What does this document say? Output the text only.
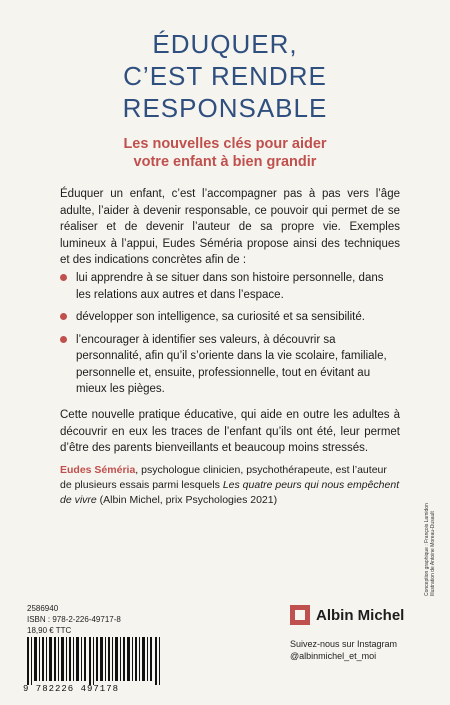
ÉDUQUER,
C’EST RENDRE
RESPONSABLE
Les nouvelles clés pour aider
votre enfant à bien grandir
Éduquer un enfant, c’est l’accompagner pas à pas vers l’âge adulte, l’aider à devenir responsable, ce pouvoir qui permet de se réaliser et de devenir l’auteur de sa propre vie. Exemples lumineux à l’appui, Eudes Séméria propose ainsi des techniques et des indications concrètes afin de :
lui apprendre à se situer dans son histoire personnelle, dans les relations aux autres et dans l’espace.
développer son intelligence, sa curiosité et sa sensibilité.
l’encourager à identifier ses valeurs, à découvrir sa personnalité, afin qu’il s’oriente dans la vie scolaire, familiale, personnelle et, ensuite, professionnelle, tout en évitant au mieux les pièges.
Cette nouvelle pratique éducative, qui aide en outre les adultes à découvrir en eux les traces de l’enfant qu’ils ont été, leur permet d’être des parents bienveillants et beaucoup moins stressés.
Eudes Séméria, psychologue clinicien, psychothérapeute, est l’auteur de plusieurs essais parmi lesquels Les quatre peurs qui nous empêchent de vivre (Albin Michel, prix Psychologies 2021)
2586940
ISBN : 978-2-226-49717-8
18,90 € TTC
9 782226 497178
Albin Michel
Suivez-nous sur Instagram
@albinmichel_et_moi
Conception graphique : François Lamidon Illustration de Antoine Moreau-Dusault
